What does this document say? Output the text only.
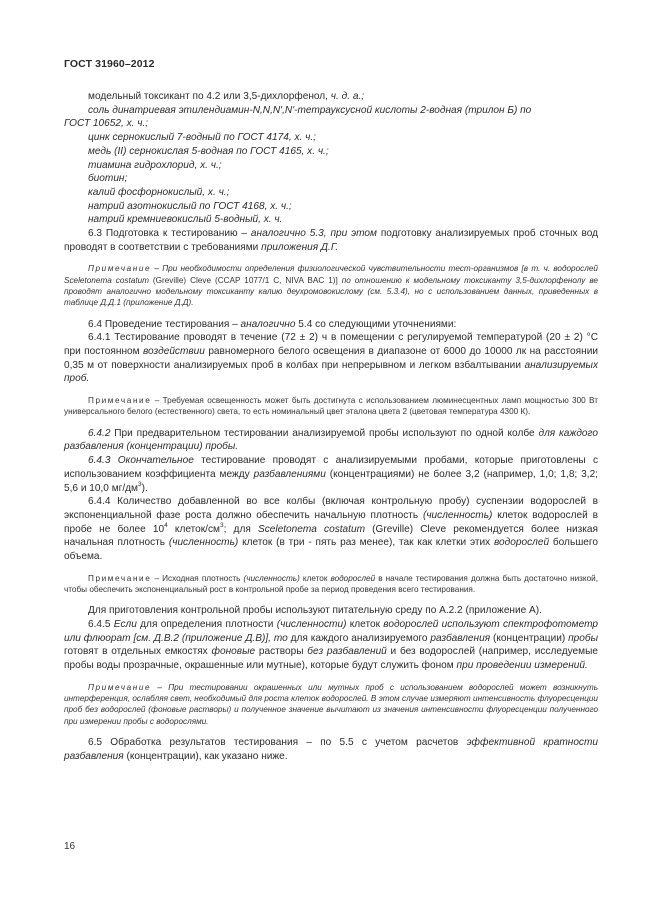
ГОСТ 31960–2012

модельный токсикант по 4.2 или 3,5-дихлорфенол, ч. д. а.;

соль динатриевая этилендиамин-N,N,N',N'-тетрауксусной кислоты 2-водная (трилон Б) по

ГОСТ 10652, х. ч.;

цинк сернокислый 7-водный по ГОСТ 4174, х. ч.;

медь (II) сернокислая 5-водная по ГОСТ 4165, х. ч.;

тиамина гидрохлорид, х. ч.;

биотин;

калий фосфорнокислый, х. ч.;

натрий азотнокислый по ГОСТ 4168, х. ч.;

натрий кремниевокислый 5-водный, х. ч.

6.3 Подготовка к тестированию – аналогично 5.3, при этом подготовку анализируемых проб сточных вод проводят в соответствии с требованиями приложения Д.Г.

Примечание – При необходимости определения физиологической чувствительности тест-организмов [в т. ч. водорослей Sceletonema costatum (Greville) Cleve (CCAP 1077/1 C, NIVA BAC 1)] по отношению к модельному токсиканту 3,5-дихлорфенолу ве проводят аналогично модельному токсиканту калию деухромовокислому (см. 5.3.4), но с использованием данных, приведенных в таблице Д.Д.1 (приложение Д.Д).

6.4 Проведение тестирования – аналогично 5.4 со следующими уточнениями:

6.4.1 Тестирование проводят в течение (72 ± 2) ч в помещении с регулируемой температурой (20 ± 2) °С при постоянном воздействии равномерного белого освещения в диапазоне от 6000 до 10000 лк на расстоянии 0,35 м от поверхности анализируемых проб в колбах при непрерывном и легком взбалтывании анализируемых проб.

Примечание – Требуемая освещенность может быть достигнута с использованием люминесцентных ламп мощностью 300 Вт универсального белого (естественного) света, то есть номинальный цвет эталона цвета 2 (цветовая температура 4300 К).

6.4.2 При предварительном тестировании анализируемой пробы используют по одной колбе для каждого разбавления (концентрации) пробы.

6.4.3 Окончательное тестирование проводят с анализируемыми пробами, которые приготовлены с использованием коэффициента между разбавлениями (концентрациями) не более 3,2 (например, 1,0; 1,8; 3,2; 5,6 и 10,0 $мг/дм^3$).

6.4.4 Количество добавленной во все колбы (включая контрольную пробу) суспензии водорослей в экспоненциальной фазе роста должно обеспечить начальную плотность (численность) клеток водорослей в пробе не более $10^4$ клеток/$см^3$; для Sceletonema costatum (Greville) Cleve рекомендуется более низкая начальная плотность (численность) клеток (в три - пять раз менее), так как клетки этих водорослей большего объема.

Примечание – Исходная плотность (численность) клеток водорослей в начале тестирования должна быть достаточно низкой, чтобы обеспечить экспоненциальный рост в контрольной пробе за период проведения всего тестирования.

Для приготовления контрольной пробы используют питательную среду по А.2.2 (приложение А).

6.4.5 Если для определения плотности (численности) клеток водорослей используют спектрофотометр или флюорат [см. Д.В.2 (приложение Д.В)], то для каждого анализируемого разбавления (концентрации) пробы готовят в отдельных емкостях фоновые растворы без разбавлений и без водорослей (например, исследуемые пробы воды прозрачные, окрашенные или мутные), которые будут служить фоном при проведении измерений.

Примечание – При тестировании окрашенных или мутных проб с использованием водорослей может возникнуть интерференция, ослабляя свет, необходимый для роста клеток водорослей. В этом случае измеряют интенсивность флуоресценции проб без водорослей (фоновые растворы) и полученное значение вычитают из значения интенсивности флуоресценции полученного при измерении пробы с водорослями.

6.5 Обработка результатов тестирования – по 5.5 с учетом расчетов эффективной кратности разбавления (концентрации), как указано ниже.

16
